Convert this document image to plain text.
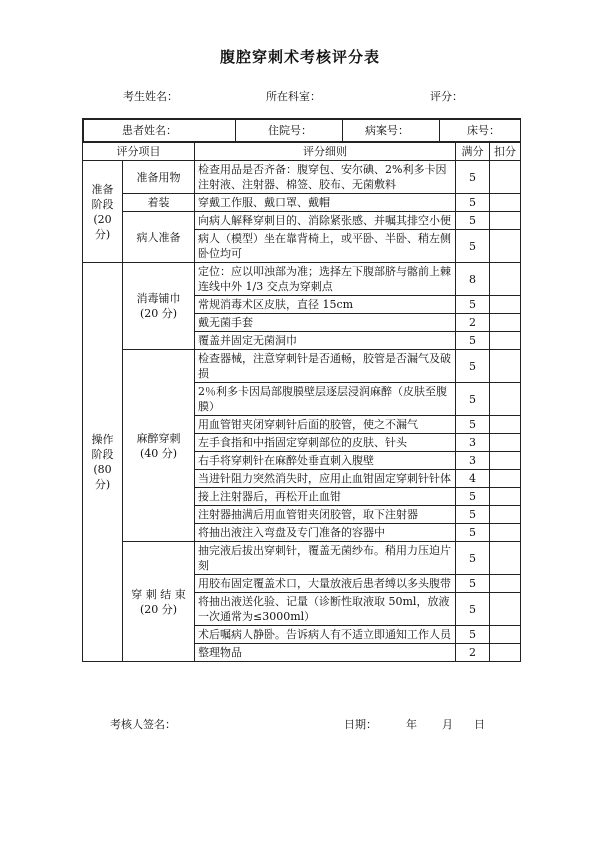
腹腔穿刺术考核评分表
考生姓名：	所在科室：	评分：
患者姓名：	住院号：	病案号：	床号：

评分项目	评分细则	满分	扣分

准备
阶段
(20
分)
	准备用物	检查用品是否齐备：腹穿包、安尔碘、2%利多卡因注射液、注射器、棉签、胶布、无菌敷料	5	
着装	穿戴工作服、戴口罩、戴帽	5	
病人准备	向病人解释穿刺目的、消除紧张感、并嘱其排空小便	5	
病人（模型）坐在靠背椅上，或平卧、半卧、稍左侧卧位均可	5	

操作
阶段
(80
分)

消毒铺巾
(20 分)
	定位：应以叩浊部为准；选择左下腹部脐与髂前上棘连线中外 1/3 交点为穿刺点	8	
常规消毒术区皮肤，直径 15cm	5	
戴无菌手套	2	
覆盖并固定无菌洞巾	5	

麻醉穿刺
(40 分)
	检查器械，注意穿刺针是否通畅，胶管是否漏气及破损	5	
2％利多卡因局部腹膜壁层逐层浸润麻醉（皮肤至腹膜）	5	
用血管钳夹闭穿刺针后面的胶管，使之不漏气	5	
左手食指和中指固定穿刺部位的皮肤、针头	3	
右手将穿刺针在麻醉处垂直刺入腹壁	3	
当进针阻力突然消失时，应用止血钳固定穿刺针针体	4	
接上注射器后，再松开止血钳	5	
注射器抽满后用血管钳夹闭胶管，取下注射器	5	
将抽出液注入弯盘及专门准备的容器中	5	

穿 刺 结 束
(20 分)
	抽完液后拔出穿刺针，覆盖无菌纱布。稍用力压迫片刻	5	
用胶布固定覆盖术口，大量放液后患者缚以多头腹带	5	
将抽出液送化验、记量（诊断性取液取 50ml，放液一次通常为≤3000ml）	5	
术后嘱病人静卧。告诉病人有不适立即通知工作人员	5	
整理物品	2	
考核人签名：	日期：	年 月 日
